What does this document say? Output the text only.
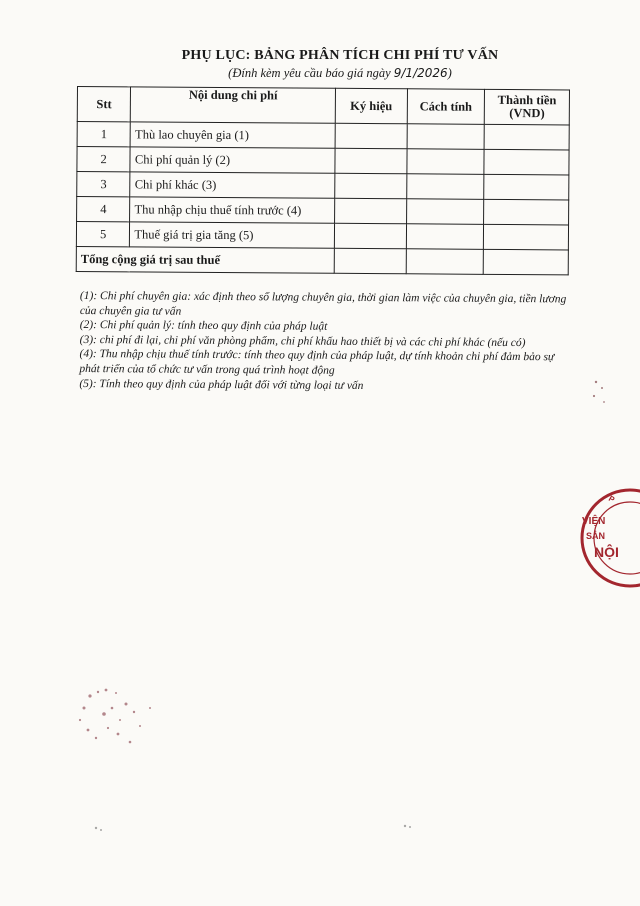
PHỤ LỤC: BẢNG PHÂN TÍCH CHI PHÍ TƯ VẤN
(Đính kèm yêu cầu báo giá ngày 9/1/2026)
Stt	Nội dung chi phí	Ký hiệu	Cách tính	Thành tiền
(VND)
1	Thù lao chuyên gia (1)			
2	Chi phí quản lý (2)			
3	Chi phí khác (3)			
4	Thu nhập chịu thuế tính trước (4)			
5	Thuế giá trị gia tăng (5)			
Tổng cộng giá trị sau thuế				

(1): Chi phí chuyên gia: xác định theo số lượng chuyên gia, thời gian làm việc của chuyên gia, tiền lương của chuyên gia tư vấn

(2): Chi phí quản lý: tính theo quy định của pháp luật

(3): chi phí đi lại, chi phí văn phòng phẩm, chi phí khấu hao thiết bị và các chi phí khác (nếu có)

(4): Thu nhập chịu thuế tính trước: tính theo quy định của pháp luật, dự tính khoản chi phí đảm bảo sự phát triển của tổ chức tư vấn trong quá trình hoạt động

(5): Tính theo quy định của pháp luật đối với từng loại tư vấn

VIỆN
SẢN
NỘI
P
